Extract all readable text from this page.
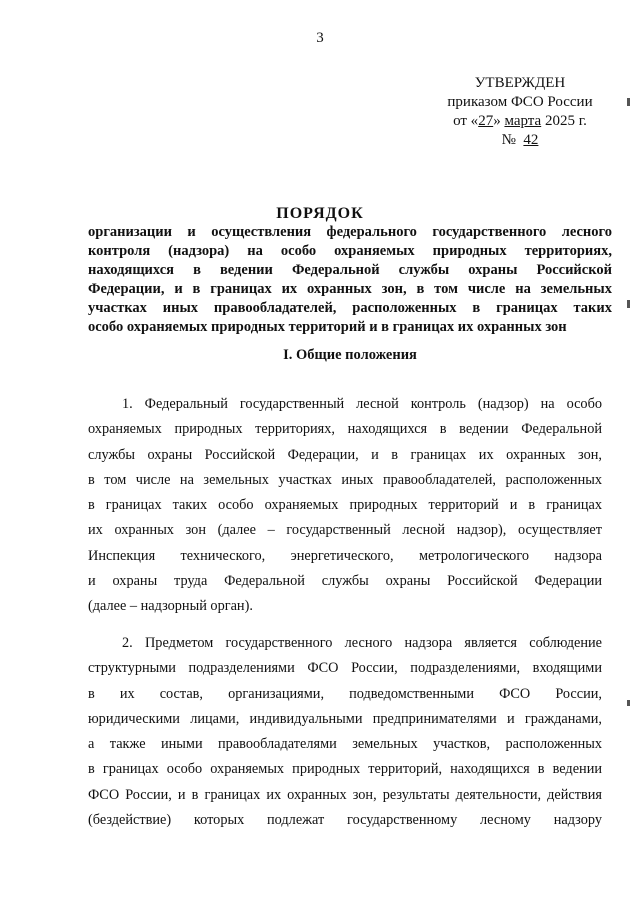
3
УТВЕРЖДЕН
приказом ФСО России
от «27» марта 2025 г.
№ 42
ПОРЯДОК
организации и осуществления федерального государственного лесного
контроля (надзора) на особо охраняемых природных территориях,
находящихся в ведении Федеральной службы охраны Российской
Федерации, и в границах их охранных зон, в том числе на земельных
участках иных правообладателей, расположенных в границах таких
особо охраняемых природных территорий и в границах их охранных зон
I. Общие положения
1. Федеральный государственный лесной контроль (надзор) на особо
охраняемых природных территориях, находящихся в ведении Федеральной
службы охраны Российской Федерации, и в границах их охранных зон,
в том числе на земельных участках иных правообладателей, расположенных
в границах таких особо охраняемых природных территорий и в границах
их охранных зон (далее – государственный лесной надзор), осуществляет
Инспекция технического, энергетического, метрологического надзора
и охраны труда Федеральной службы охраны Российской Федерации
(далее – надзорный орган).
2. Предметом государственного лесного надзора является соблюдение
структурными подразделениями ФСО России, подразделениями, входящими
в их состав, организациями, подведомственными ФСО России,
юридическими лицами, индивидуальными предпринимателями и гражданами,
а также иными правообладателями земельных участков, расположенных
в границах особо охраняемых природных территорий, находящихся в ведении
ФСО России, и в границах их охранных зон, результаты деятельности, действия
(бездействие) которых подлежат государственному лесному надзору
